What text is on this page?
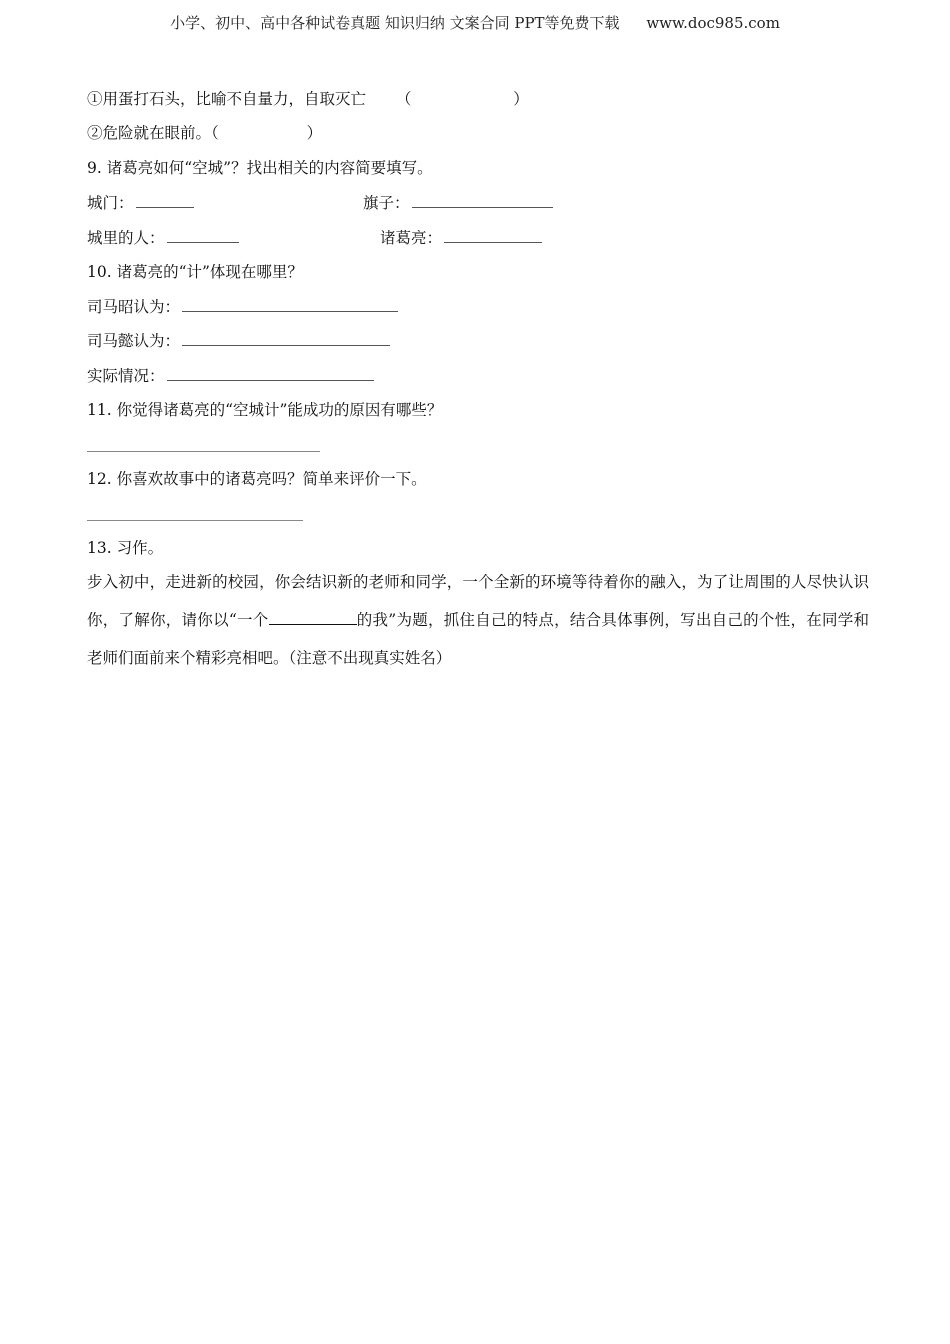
小学、初中、高中各种试卷真题 知识归纳 文案合同 PPT等免费下载 www.doc985.com
①用蛋打石头，比喻不自量力，自取灭亡 （	）
②危险就在眼前。（	）
9. 诸葛亮如何“空城”？找出相关的内容简要填写。
城门：	旗子：
城里的人：	诸葛亮：
10. 诸葛亮的“计”体现在哪里？
司马昭认为：
司马懿认为：
实际情况：
11. 你觉得诸葛亮的“空城计”能成功的原因有哪些？
12. 你喜欢故事中的诸葛亮吗？简单来评价一下。
13. 习作。
步入初中，走进新的校园，你会结识新的老师和同学，一个全新的环境等待着你的融入，为了让周围的人尽快认识你，了解你，请你以“一个	的我”为题，抓住自己的特点，结合具体事例，写出自己的个性，在同学和老师们面前来个精彩亮相吧。（注意不出现真实姓名）
